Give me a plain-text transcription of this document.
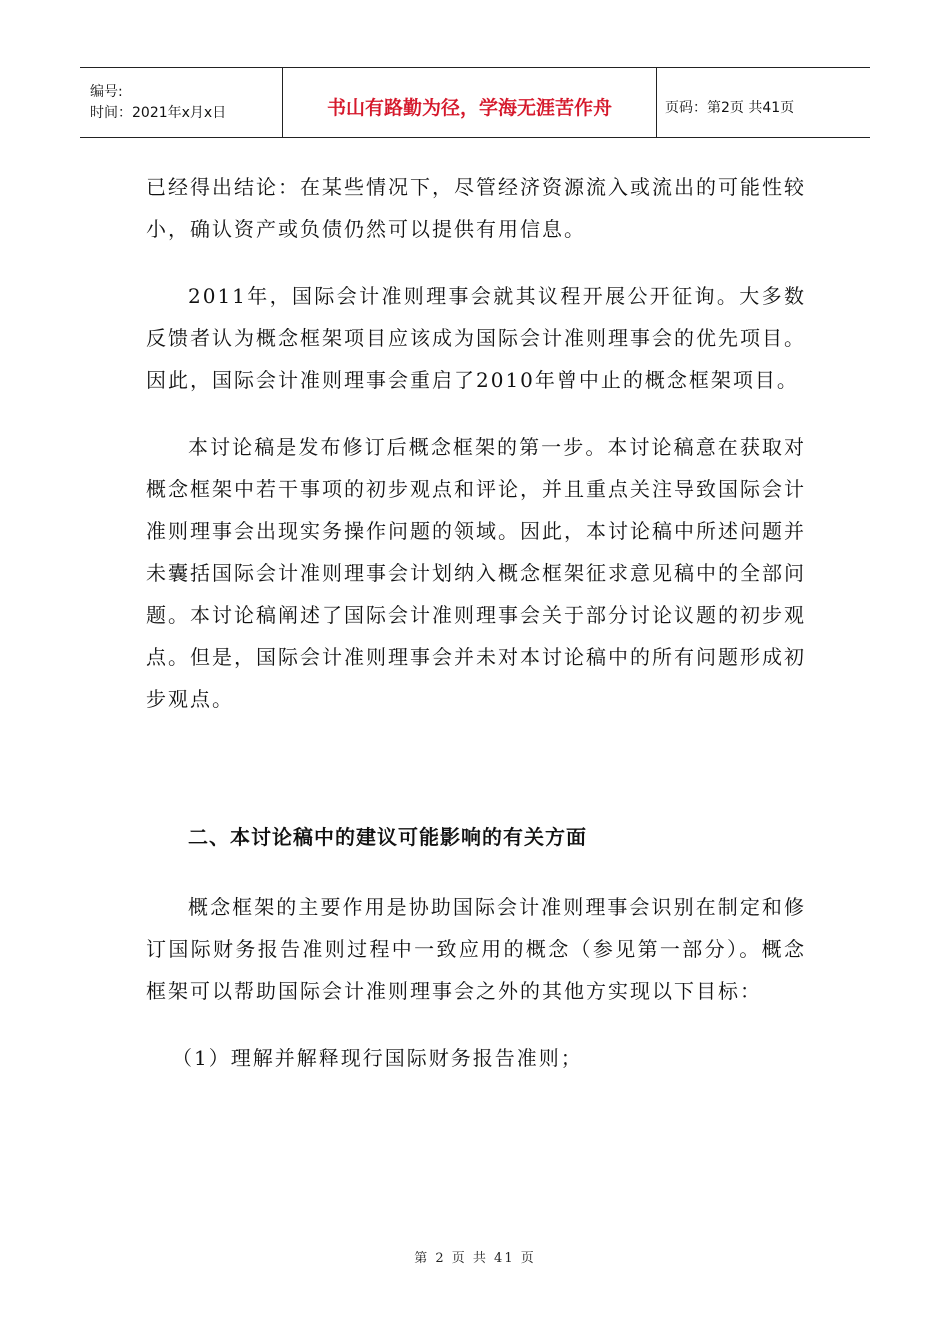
编号:
时间：2021年x月x日	书山有路勤为径，学海无涯苦作舟	页码：第2页 共41页

已经得出结论：在某些情况下，尽管经济资源流入或流出的可能性较小，确认资产或负债仍然可以提供有用信息。

2011年，国际会计准则理事会就其议程开展公开征询。大多数反馈者认为概念框架项目应该成为国际会计准则理事会的优先项目。因此，国际会计准则理事会重启了2010年曾中止的概念框架项目。

本讨论稿是发布修订后概念框架的第一步。本讨论稿意在获取对概念框架中若干事项的初步观点和评论，并且重点关注导致国际会计准则理事会出现实务操作问题的领域。因此，本讨论稿中所述问题并未囊括国际会计准则理事会计划纳入概念框架征求意见稿中的全部问题。本讨论稿阐述了国际会计准则理事会关于部分讨论议题的初步观点。但是，国际会计准则理事会并未对本讨论稿中的所有问题形成初步观点。

二、本讨论稿中的建议可能影响的有关方面

概念框架的主要作用是协助国际会计准则理事会识别在制定和修订国际财务报告准则过程中一致应用的概念（参见第一部分）。概念框架可以帮助国际会计准则理事会之外的其他方实现以下目标：

（1）理解并解释现行国际财务报告准则；
第 2 页 共 41 页
